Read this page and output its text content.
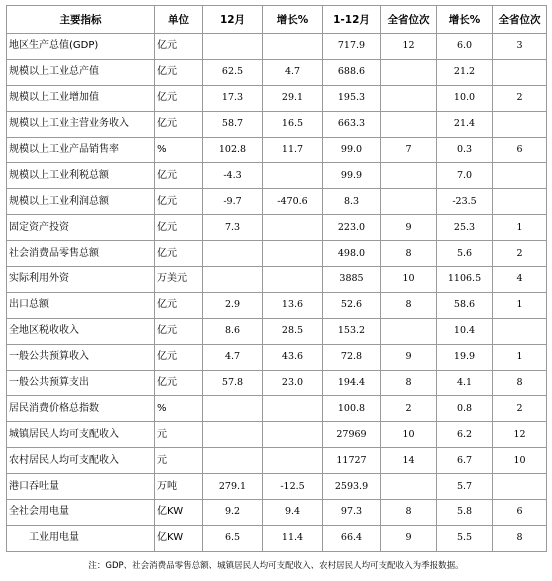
主要指标	单位	12月	增长%	1-12月	全省位次	增长%	全省位次
地区生产总值(GDP)	亿元			717.9	12	6.0	3
规模以上工业总产值	亿元	62.5	4.7	688.6		21.2	
规模以上工业增加值	亿元	17.3	29.1	195.3		10.0	2
规模以上工业主营业务收入	亿元	58.7	16.5	663.3		21.4	
规模以上工业产品销售率	%	102.8	11.7	99.0	7	0.3	6
规模以上工业利税总额	亿元	-4.3		99.9		7.0	
规模以上工业利润总额	亿元	-9.7	-470.6	8.3		-23.5	
固定资产投资	亿元	7.3		223.0	9	25.3	1
社会消费品零售总额	亿元			498.0	8	5.6	2
实际利用外资	万美元			3885	10	1106.5	4
出口总额	亿元	2.9	13.6	52.6	8	58.6	1
全地区税收收入	亿元	8.6	28.5	153.2		10.4	
一般公共预算收入	亿元	4.7	43.6	72.8	9	19.9	1
一般公共预算支出	亿元	57.8	23.0	194.4	8	4.1	8
居民消费价格总指数	%			100.8	2	0.8	2
城镇居民人均可支配收入	元			27969	10	6.2	12
农村居民人均可支配收入	元			11727	14	6.7	10
港口吞吐量	万吨	279.1	-12.5	2593.9		5.7	
全社会用电量	亿KW	9.2	9.4	97.3	8	5.8	6
工业用电量	亿KW	6.5	11.4	66.4	9	5.5	8
注：GDP、社会消费品零售总额、城镇居民人均可支配收入、农村居民人均可支配收入为季报数据。
